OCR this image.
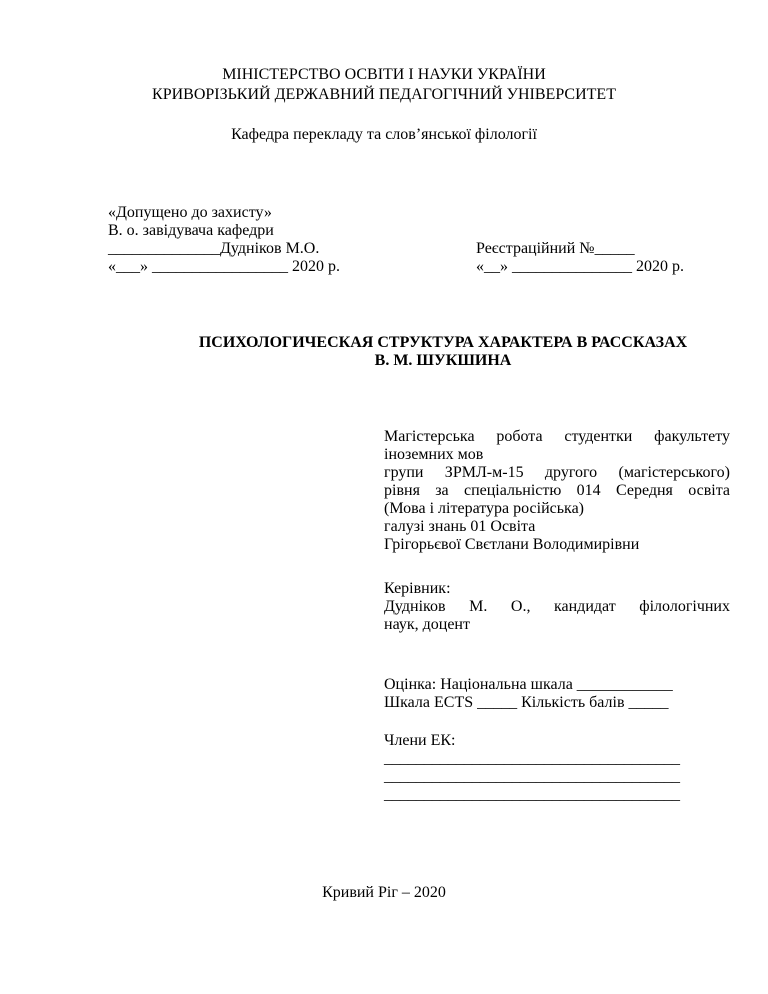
МІНІСТЕРСТВО ОСВІТИ І НАУКИ УКРАЇНИ
КРИВОРІЗЬКИЙ ДЕРЖАВНИЙ ПЕДАГОГІЧНИЙ УНІВЕРСИТЕТ
Кафедра перекладу та слов’янської філології
«Допущено до захисту»
В. о. завідувача кафедри
______________Дудніков М.О.
«___» _________________ 2020 р.
Реєстраційний №_____
«__» _______________ 2020 р.
ПСИХОЛОГИЧЕСКАЯ СТРУКТУРА ХАРАКТЕРА В РАССКАЗАХ
В. М. ШУКШИНА
Магістерська робота студентки факультету
іноземних мов
групи ЗРМЛ-м-15 другого (магістерського)
рівня за спеціальністю 014 Середня освіта
(Мова і література російська)
галузі знань 01 Освіта
Грігорьєвої Свєтлани Володимирівни
Керівник:
Дудніков М. О., кандидат філологічних
наук, доцент
Оцінка: Національна шкала ____________
Шкала ECTS _____ Кількість балів _____
Члени ЕК:
_____________________________________
_____________________________________
_____________________________________
Кривий Ріг – 2020
